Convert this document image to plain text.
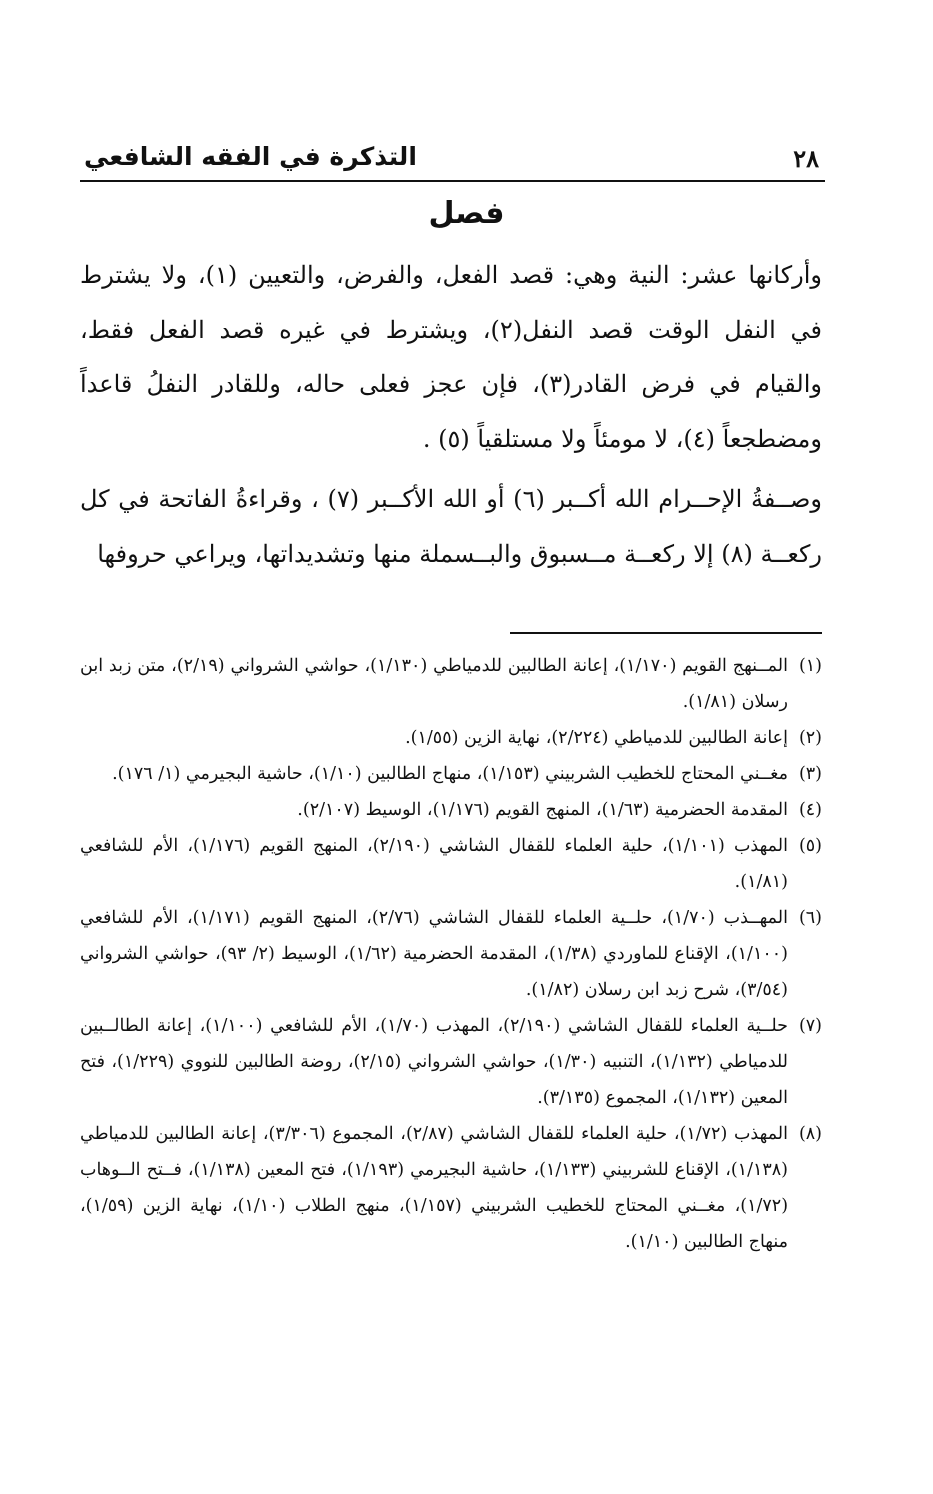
٢٨
التذكرة في الفقه الشافعي
فصل

وأركانها عشر: النية وهي: قصد الفعل، والفرض، والتعيين (١)، ولا يشترط في النفل الوقت قصد النفل(٢)، ويشترط في غيره قصد الفعل فقط، والقيام في فرض القادر(٣)، فإن عجز فعلى حاله، وللقادر النفلُ قاعداً ومضطجعاً (٤)، لا مومئاً ولا مستلقياً (٥) .

وصــفةُ الإحــرام الله أكــبر (٦) أو الله الأكــبر (٧) ، وقراءةُ الفاتحة في كل ركعــة (٨) إلا ركعــة مــسبوق والبــسملة منها وتشديداتها، ويراعي حروفها

(١)
المــنهج القويم (١/١٧٠)، إعانة الطالبين للدمياطي (١/١٣٠)، حواشي الشرواني (٢/١٩)، متن زبد ابن رسلان (١/٨١).
(٢)
إعانة الطالبين للدمياطي (٢/٢٢٤)، نهاية الزين (١/٥٥).
(٣)
مغــني المحتاج للخطيب الشربيني (١/١٥٣)، منهاج الطالبين (١/١٠)، حاشية البجيرمي (١/ ١٧٦).
(٤)
المقدمة الحضرمية (١/٦٣)، المنهج القويم (١/١٧٦)، الوسيط (٢/١٠٧).
(٥)
المهذب (١/١٠١)، حلية العلماء للقفال الشاشي (٢/١٩٠)، المنهج القويم (١/١٧٦)، الأم للشافعي (١/٨١).
(٦)
المهــذب (١/٧٠)، حلــية العلماء للقفال الشاشي (٢/٧٦)، المنهج القويم (١/١٧١)، الأم للشافعي (١/١٠٠)، الإقناع للماوردي (١/٣٨)، المقدمة الحضرمية (١/٦٢)، الوسيط (٢/ ٩٣)، حواشي الشرواني (٣/٥٤)، شرح زبد ابن رسلان (١/٨٢).
(٧)
حلــية العلماء للقفال الشاشي (٢/١٩٠)، المهذب (١/٧٠)، الأم للشافعي (١/١٠٠)، إعانة الطالــبين للدمياطي (١/١٣٢)، التنبيه (١/٣٠)، حواشي الشرواني (٢/١٥)، روضة الطالبين للنووي (١/٢٢٩)، فتح المعين (١/١٣٢)، المجموع (٣/١٣٥).
(٨)
المهذب (١/٧٢)، حلية العلماء للقفال الشاشي (٢/٨٧)، المجموع (٣/٣٠٦)، إعانة الطالبين للدمياطي (١/١٣٨)، الإقناع للشربيني (١/١٣٣)، حاشية البجيرمي (١/١٩٣)، فتح المعين (١/١٣٨)، فــتح الــوهاب (١/٧٢)، مغــني المحتاج للخطيب الشربيني (١/١٥٧)، منهج الطلاب (١/١٠)، نهاية الزين (١/٥٩)، منهاج الطالبين (١/١٠).
